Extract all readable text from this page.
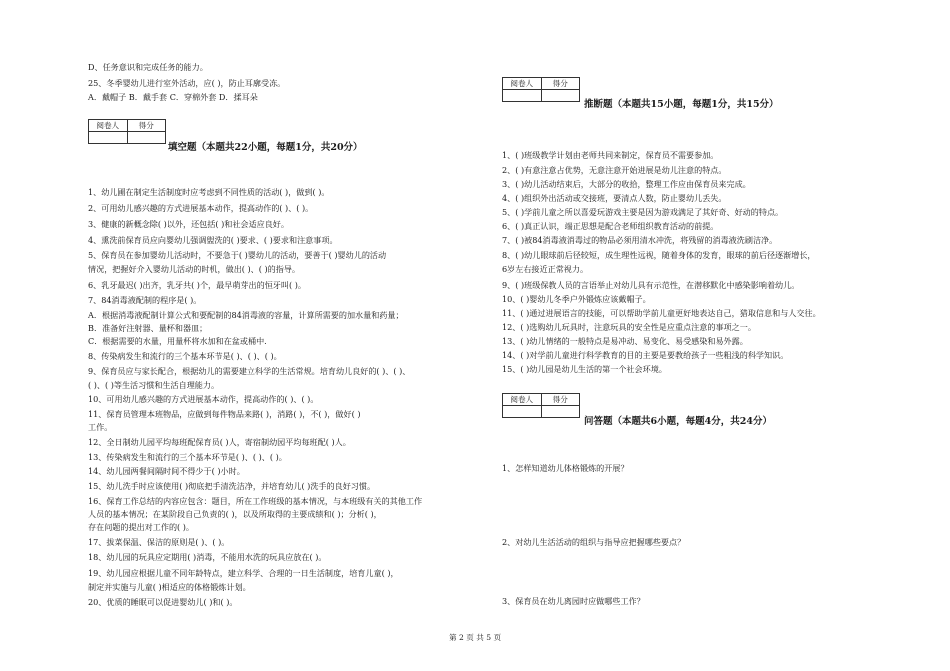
D、任务意识和完成任务的能力。
25、冬季婴幼儿进行室外活动，应( )，防止耳廓受冻。
A．戴帽子 B．戴手套 C．穿棉外套 D．揉耳朵
阅卷人	得分

填空题（本题共22小题，每题1分，共20分）
1、幼儿圃在制定生活制度时应考虑到不同性质的活动( )，做到( )。
2、可用幼儿感兴趣的方式进展基本动作，提高动作的( )、( )。
3、健康的新概念除( )以外，还包括( )和社会适应良好。
4、熏洗前保育员应向婴幼儿强调盥洗的( )要求、( )要求和注意事项。
5、保育员在参加婴幼儿活动时，不要急于( )婴幼儿的活动，要善于( )婴幼儿的活动
情况，把握好介入婴幼儿活动的时机，做出( )、( )的指导。
6、乳牙最迟( )出齐，乳牙共( )个，最早萌芽出的恒牙叫( )。
7、84消毒液配制的程序是( )。
A．根据消毒液配制计算公式和要配制的84消毒液的容量，计算所需要的加水量和药量；
B．准备好注射器、量杯和器皿；
C．根据需要的水量，用量杯将水加和在盆或桶中.
8、传染病发生和流行的三个基本环节是( )、( )、( )。
9、保育员应与家长配合，根据幼儿的需要建立科学的生活常规。培育幼儿良好的( )、( )、
( )、( )等生活习惯和生活自理能力。
10、可用幼儿感兴趣的方式进展基本动作，提高动作的( )、( )。
11、保育员管理本班物品，应做到每件物品来路( )，消路( )，不( )，做好( )
工作。
12、全日制幼儿园平均每班配保育员( )人，寄宿制幼园平均每班配( )人。
13、传染病发生和流行的三个基本环节是( )、( )、( )。
14、幼儿园两餐间隔时间不得少于( )小时。
15、幼儿洗手时应该使用( )彻底把手清洗洁净，并培育幼儿( )洗手的良好习惯。
16、保育工作总结的内容应包含：题目，所在工作班级的基本情况，与本班级有关的其他工作
人员的基本情况；在某阶段自己负责的( )，以及所取得的主要成绩和( )；分析( )，
存在问题的提出对工作的( )。
17、拔菜保温、保洁的原则是( )、( )。
18、幼儿园的玩具应定期用( )消毒，不能用水洗的玩具应放在( )。
19、幼儿园应根据儿童不同年龄特点，建立科学、合理的一日生活制度，培育儿童( )，
制定并实施与儿童( )相适应的体格锻炼计划。
20、优质的睡眠可以促进婴幼儿( )和( )。
阅卷人	得分

推断题（本题共15小题，每题1分，共15分）
1、( )班级教学计划由老师共同来制定，保育员不需要参加。
2、( )有意注意占优势，无意注意开始进展是幼儿注意的特点。
3、( )幼儿活动结束后，大部分的收拾，整理工作应由保育员来完成。
4、( )组织外出活动或交接班，要清点人数，防止婴幼儿丢失。
5、( )学前儿童之所以喜爱玩游戏主要是因为游戏满足了其好奇、好动的特点。
6、( )真正认识，端正思想是配合老师组织教育活动的前提。
7、( )被84消毒液消毒过的物品必须用清水冲洗，将残留的消毒液洗刷洁净。
8、( )幼儿眼球前后径较短，成生理性远视，随着身体的发育，眼球的前后径逐渐增长，
6岁左右接近正常视力。
9、( )班级保教人员的言语举止对幼儿具有示范性，在潜移默化中感染影响着幼儿。
10、( )婴幼儿冬季户外锻炼应该戴帽子。
11、( )通过进展语言的技能，可以帮助学前儿童更好地表达自己，猎取信息和与人交往。
12、( )选购幼儿玩具时，注意玩具的安全性是应重点注意的事项之一。
13、( )幼儿情绪的一般特点是易冲动、易变化、易受感染和易外露。
14、( )对学前儿童进行科学教育的目的主要是要教给孩子一些粗浅的科学知识。
15、( )幼儿园是幼儿生活的第一个社会环境。
阅卷人	得分

问答题（本题共6小题，每题4分，共24分）
1、怎样知道幼儿体格锻炼的开展？
2、对幼儿生活活动的组织与指导应把握哪些要点？
3、保育员在幼儿离园时应做哪些工作？
第 2 页 共 5 页
